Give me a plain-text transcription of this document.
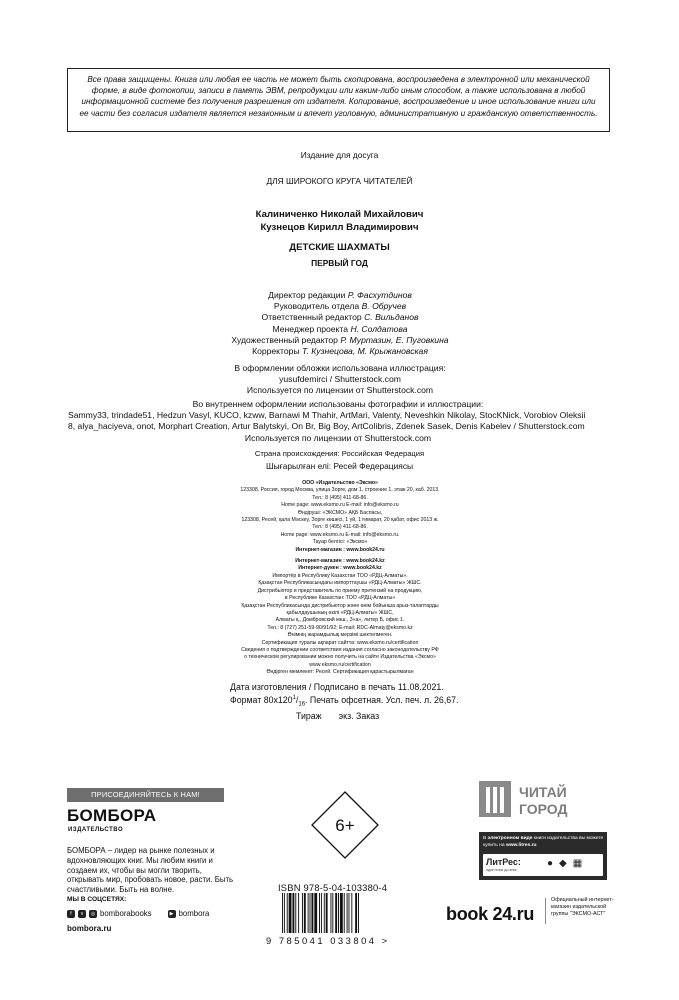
Все права защищены. Книга или любая ее часть не может быть скопирована, воспроизведена в электронной или механической форме, в виде фотокопии, записи в память ЭВМ, репродукции или каким-либо иным способом, а также использована в любой информационной системе без получения разрешения от издателя. Копирование, воспроизведение и иное использование книги или ее части без согласия издателя является незаконным и влечет уголовную, административную и гражданскую ответственность.
Издание для досуга
ДЛЯ ШИРОКОГО КРУГА ЧИТАТЕЛЕЙ
Калиниченко Николай Михайлович
Кузнецов Кирилл Владимирович
ДЕТСКИЕ ШАХМАТЫ
ПЕРВЫЙ ГОД
Директор редакции Р. Фасхутдинов
Руководитель отдела В. Обручев
Ответственный редактор С. Вильданов
Менеджер проекта Н. Солдатова
Художественный редактор Р. Муртазин, Е. Пуговкина
Корректоры Т. Кузнецова, М. Крыжановская
В оформлении обложки использована иллюстрация:
yusufdemirci / Shutterstock.com
Используется по лицензии от Shutterstock.com
Во внутреннем оформлении использованы фотографии и иллюстрации:
Sammy33, trindade51, Hedzun Vasyl, KUCO, kzww, Barnawi M Thahir, ArtMari, Valenty, Neveshkin Nikolay, StocKNick, Vorobiov Oleksii
8, alya_haciyeva, onot, Morphart Creation, Artur Balytskyi, On Br, Big Boy, ArtColibris, Zdenek Sasek, Denis Kabelev / Shutterstock.com
Используется по лицензии от Shutterstock.com
Страна происхождения: Российская Федерация
Шығарылған елі: Ресей Федерациясы
ООО «Издательство «Эксмо»
123308, Россия, город Москва, улица Зорге, дом 1, строение 1, этаж 20, каб. 2013.
Тел.: 8 (495) 411-68-86.
Home page: www.eksmo.ru E-mail: info@eksmo.ru
Өндіруші: «ЭКСМО» АҚБ Баспасы,
123308, Ресей, қала Мәскеу, Зорге көшесі, 1 үй, 1 ғимарат, 20 қабат, офис 2013 ж.
Тел.: 8 (495) 411-68-86.
Home page: www.eksmo.ru E-mail: info@eksmo.ru.
Тауар белгісі: «Эксмо»
Интернет-магазин : www.book24.ru
Интернет-магазин : www.book24.kz
Интернет-дүкен : www.book24.kz
Импортёр в Республику Казахстан ТОО «РДЦ-Алматы».
Қазақстан Республикасындағы импорттаушы «РДЦ-Алматы» ЖШС.
Дистрибьютор и представитель по приему претензий на продукцию,
в Республике Казахстан: ТОО «РДЦ-Алматы»
Қазақстан Республикасында дистрибьютор және өнім бойынша арыз-талаптарды
қабылдаушының өкілі «РДЦ-Алматы» ЖШС,
Алматы қ., Домбровский көш., 3«а», литер Б, офис 1.
Тел.: 8 (727) 251-59-90/91/92; E-mail: RDC-Almaty@eksmo.kz
Өнімнің жарамдылық мерзімі шектелмеген.
Сертификация туралы ақпарат сайтта: www.eksmo.ru/certification
Сведения о подтверждении соответствия издания согласно законодательству РФ
о техническом регулировании можно получить на сайте Издательства «Эксмо»
www.eksmo.ru/certification
Өндірген мемлекет: Ресей. Сертификация қарастырылмаған
Дата изготовления / Подписано в печать 11.08.2021.
Формат $80x120^1/_{16}$. Печать офсетная. Усл. печ. л. 26,67.
Тираж       экз. Заказ
ПРИСОЕДИНЯЙТЕСЬ К НАМ!
БОМБОРА
ИЗДАТЕЛЬСТВО
БОМБОРА – лидер на рынке полезных и вдохновляющих книг. Мы любим книги и создаем их, чтобы вы могли творить, открывать мир, пробовать новое, расти. Быть счастливыми. Быть на волне.
МЫ В СОЦСЕТЯХ:
f	v	◎ bomborabooks	▶ bombora
bombora.ru
6+
ISBN 978-5-04-103380-4
9 785041 033804 >
ЧИТАЙ
ГОРОД
В электронном виде книги издательства вы можете
купить на www.litres.ru
ЛитРес:
один клик до книг
● ◆ ▦
book 24.ru
Официальный интернет-магазин издательской группы "ЭКСМО-АСТ"
